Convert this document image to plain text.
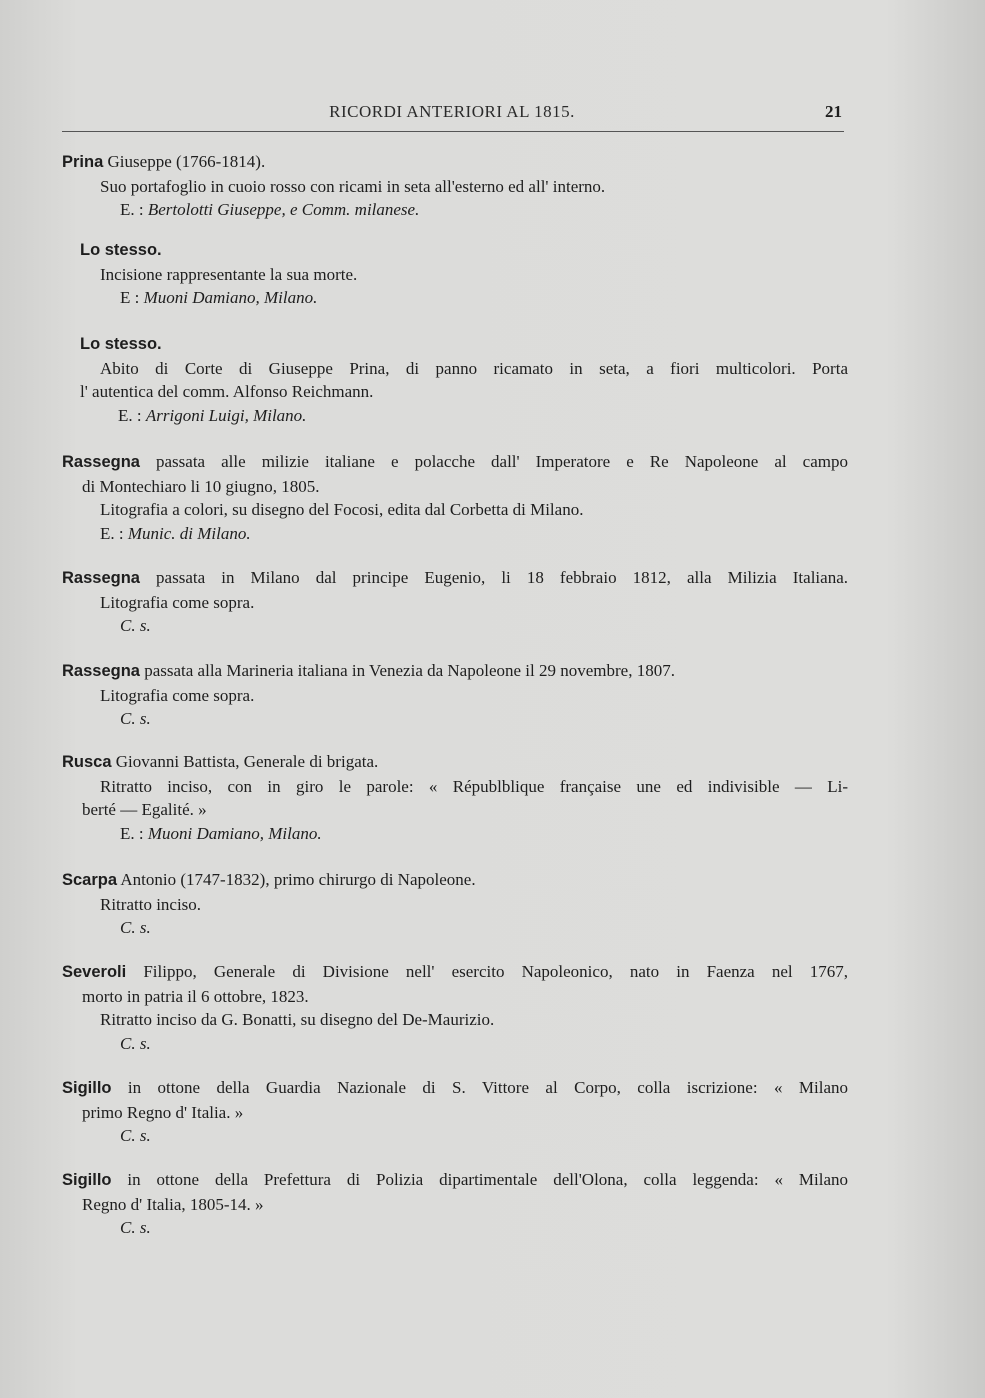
RICORDI ANTERIORI AL 1815.	21

Prina Giuseppe (1766-1814).

Suo portafoglio in cuoio rosso con ricami in seta all'esterno ed all' interno.

E. : Bertolotti Giuseppe, e Comm. milanese.

Lo stesso.

Incisione rappresentante la sua morte.

E : Muoni Damiano, Milano.

Lo stesso.

Abito di Corte di Giuseppe Prina, di panno ricamato in seta, a fiori multicolori. Porta

l' autentica del comm. Alfonso Reichmann.

E. : Arrigoni Luigi, Milano.

Rassegna passata alle milizie italiane e polacche dall' Imperatore e Re Napoleone al campo

di Montechiaro li 10 giugno, 1805.

Litografia a colori, su disegno del Focosi, edita dal Corbetta di Milano.

E. : Munic. di Milano.

Rassegna passata in Milano dal principe Eugenio, li 18 febbraio 1812, alla Milizia Italiana.

Litografia come sopra.

C. s.

Rassegna passata alla Marineria italiana in Venezia da Napoleone il 29 novembre, 1807.

Litografia come sopra.

C. s.

Rusca Giovanni Battista, Generale di brigata.

Ritratto inciso, con in giro le parole: « Républblique française une ed indivisible — Li-

berté — Egalité. »

E. : Muoni Damiano, Milano.

Scarpa Antonio (1747-1832), primo chirurgo di Napoleone.

Ritratto inciso.

C. s.

Severoli Filippo, Generale di Divisione nell' esercito Napoleonico, nato in Faenza nel 1767,

morto in patria il 6 ottobre, 1823.

Ritratto inciso da G. Bonatti, su disegno del De-Maurizio.

C. s.

Sigillo in ottone della Guardia Nazionale di S. Vittore al Corpo, colla iscrizione: « Milano

primo Regno d' Italia. »

C. s.

Sigillo in ottone della Prefettura di Polizia dipartimentale dell'Olona, colla leggenda: « Milano

Regno d' Italia, 1805-14. »

C. s.
